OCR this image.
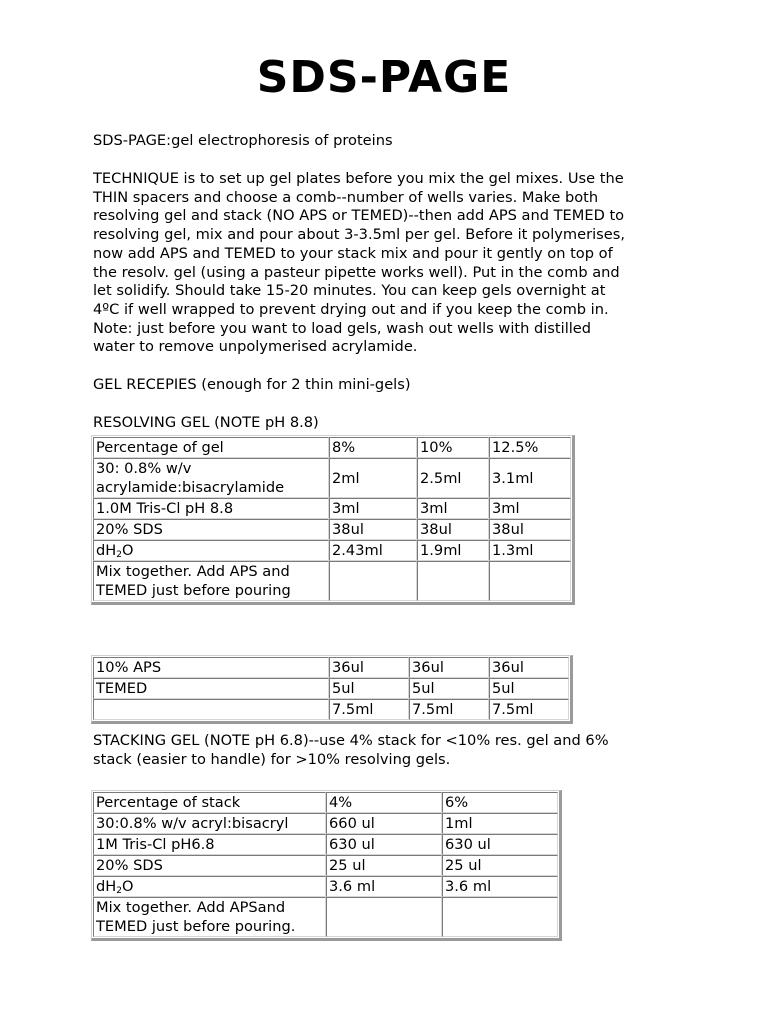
SDS-PAGE
SDS-PAGE:gel electrophoresis of proteins
TECHNIQUE is to set up gel plates before you mix the gel mixes. Use the
THIN spacers and choose a comb--number of wells varies. Make both
resolving gel and stack (NO APS or TEMED)--then add APS and TEMED to
resolving gel, mix and pour about 3-3.5ml per gel. Before it polymerises,
now add APS and TEMED to your stack mix and pour it gently on top of
the resolv. gel (using a pasteur pipette works well). Put in the comb and
let solidify. Should take 15-20 minutes. You can keep gels overnight at
4ºC if well wrapped to prevent drying out and if you keep the comb in.
Note: just before you want to load gels, wash out wells with distilled
water to remove unpolymerised acrylamide.
GEL RECEPIES (enough for 2 thin mini-gels)
RESOLVING GEL (NOTE pH 8.8)
Percentage of gel	8%	10%	12.5%

30: 0.8% w/v
acrylamide:bisacrylamide	2ml	2.5ml	3.1ml
1.0M Tris-Cl pH 8.8	3ml	3ml	3ml
20% SDS	38ul	38ul	38ul
$dH_2O$	2.43ml	1.9ml	1.3ml

Mix together. Add APS and
TEMED just before pouring			

10% APS	36ul	36ul	36ul
TEMED	5ul	5ul	5ul
	7.5ml	7.5ml	7.5ml
STACKING GEL (NOTE pH 6.8)--use 4% stack for <10% res. gel and 6%
stack (easier to handle) for >10% resolving gels.
Percentage of stack	4%	6%
30:0.8% w/v acryl:bisacryl	660 ul	1ml
1M Tris-Cl pH6.8	630 ul	630 ul
20% SDS	25 ul	25 ul
$dH_2O$	3.6 ml	3.6 ml

Mix together. Add APSand
TEMED just before pouring.		
